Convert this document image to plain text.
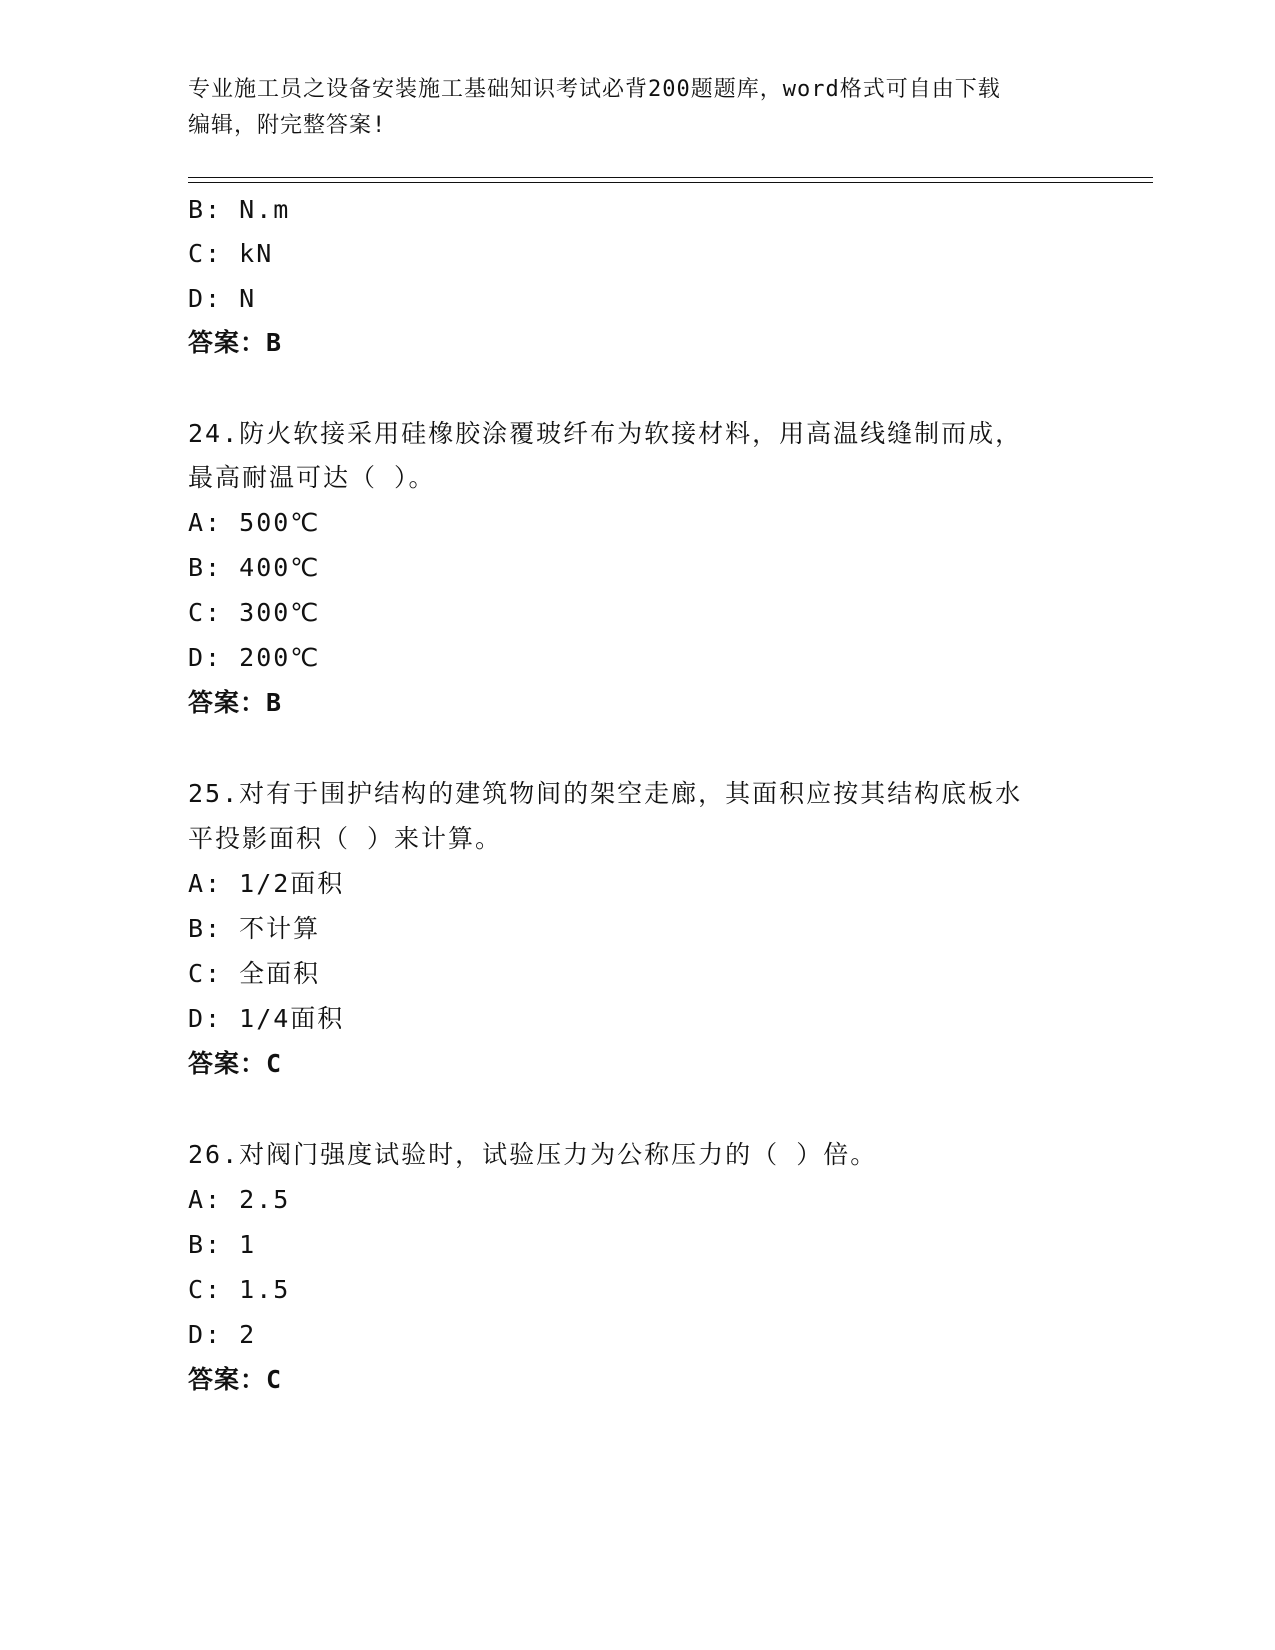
专业施工员之设备安装施工基础知识考试必背200题题库，word格式可自由下载
编辑，附完整答案!
B: N.m
C: kN
D: N
答案：B
24.防火软接采用硅橡胶涂覆玻纤布为软接材料，用高温线缝制而成，
最高耐温可达（ ）。
A: 500℃
B: 400℃
C: 300℃
D: 200℃
答案：B
25.对有于围护结构的建筑物间的架空走廊，其面积应按其结构底板水
平投影面积（ ）来计算。
A: 1/2面积
B: 不计算
C: 全面积
D: 1/4面积
答案：C
26.对阀门强度试验时，试验压力为公称压力的（ ）倍。
A: 2.5
B: 1
C: 1.5
D: 2
答案：C
